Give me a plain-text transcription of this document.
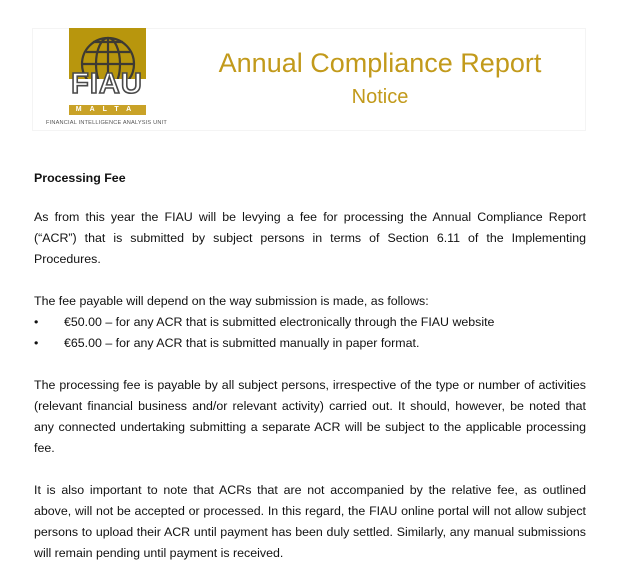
FIAU
MALTA
FINANCIAL INTELLIGENCE ANALYSIS UNIT
Annual Compliance Report
Notice
Processing Fee

As from this year the FIAU will be levying a fee for processing the Annual Compliance Report (“ACR”) that is submitted by subject persons in terms of Section 6.11 of the Implementing Procedures.

The fee payable will depend on the way submission is made, as follows:

• €50.00 – for any ACR that is submitted electronically through the FIAU website
• €65.00 – for any ACR that is submitted manually in paper format.

The processing fee is payable by all subject persons, irrespective of the type or number of activities (relevant financial business and/or relevant activity) carried out. It should, however, be noted that any connected undertaking submitting a separate ACR will be subject to the applicable processing fee.

It is also important to note that ACRs that are not accompanied by the relative fee, as outlined above, will not be accepted or processed. In this regard, the FIAU online portal will not allow subject persons to upload their ACR until payment has been duly settled. Similarly, any manual submissions will remain pending until payment is received.
